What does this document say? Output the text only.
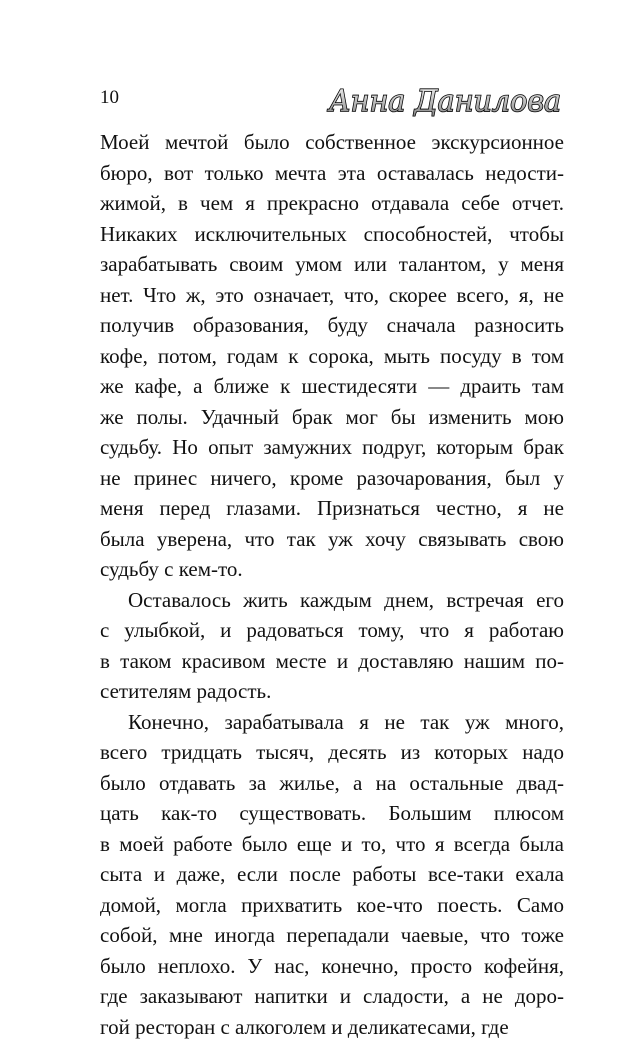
10	Анна Данилова
Моей мечтой было собственное экскурсионное
бюро, вот только мечта эта оставалась недости-
жимой, в чем я прекрасно отдавала себе отчет.
Никаких исключительных способностей, чтобы
зарабатывать своим умом или талантом, у меня
нет. Что ж, это означает, что, скорее всего, я, не
получив образования, буду сначала разносить
кофе, потом, годам к сорока, мыть посуду в том
же кафе, а ближе к шестидесяти — драить там
же полы. Удачный брак мог бы изменить мою
судьбу. Но опыт замужних подруг, которым брак
не принес ничего, кроме разочарования, был у
меня перед глазами. Признаться честно, я не
была уверена, что так уж хочу связывать свою
судьбу с кем-то.
Оставалось жить каждым днем, встречая его
с улыбкой, и радоваться тому, что я работаю
в таком красивом месте и доставляю нашим по-
сетителям радость.
Конечно, зарабатывала я не так уж много,
всего тридцать тысяч, десять из которых надо
было отдавать за жилье, а на остальные двад-
цать как-то существовать. Большим плюсом
в моей работе было еще и то, что я всегда была
сыта и даже, если после работы все-таки ехала
домой, могла прихватить кое-что поесть. Само
собой, мне иногда перепадали чаевые, что тоже
было неплохо. У нас, конечно, просто кофейня,
где заказывают напитки и сладости, а не доро-
гой ресторан с алкоголем и деликатесами, где
